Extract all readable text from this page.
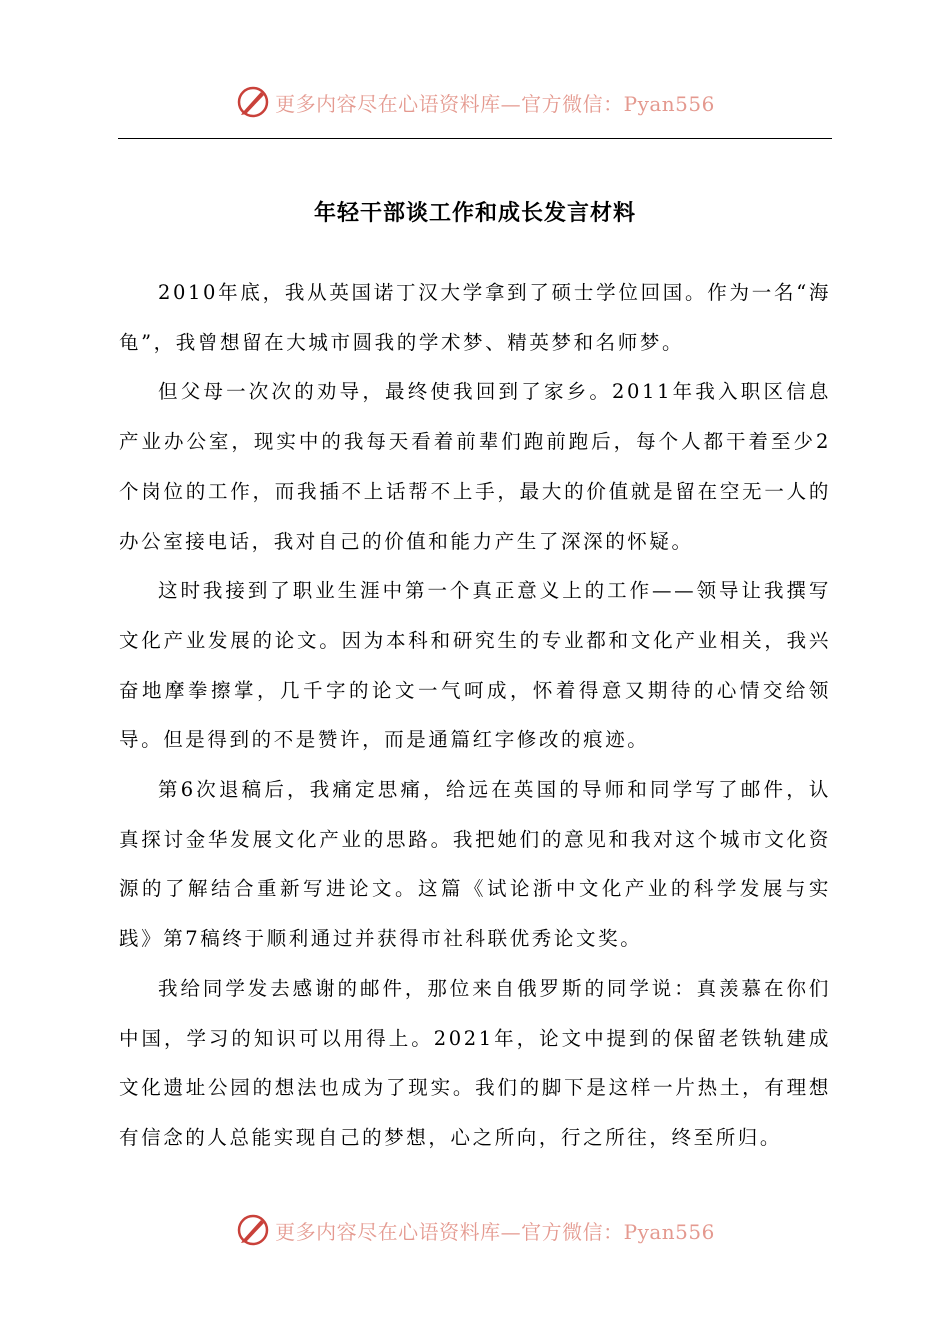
更多内容尽在心语资料库—官方微信：Pyan556
年轻干部谈工作和成长发言材料

2010年底，我从英国诺丁汉大学拿到了硕士学位回国。作为一名“海龟”，我曾想留在大城市圆我的学术梦、精英梦和名师梦。

但父母一次次的劝导，最终使我回到了家乡。2011年我入职区信息产业办公室，现实中的我每天看着前辈们跑前跑后，每个人都干着至少2个岗位的工作，而我插不上话帮不上手，最大的价值就是留在空无一人的办公室接电话，我对自己的价值和能力产生了深深的怀疑。

这时我接到了职业生涯中第一个真正意义上的工作——领导让我撰写文化产业发展的论文。因为本科和研究生的专业都和文化产业相关，我兴奋地摩拳擦掌，几千字的论文一气呵成，怀着得意又期待的心情交给领导。但是得到的不是赞许，而是通篇红字修改的痕迹。

第6次退稿后，我痛定思痛，给远在英国的导师和同学写了邮件，认真探讨金华发展文化产业的思路。我把她们的意见和我对这个城市文化资源的了解结合重新写进论文。这篇《试论浙中文化产业的科学发展与实践》第7稿终于顺利通过并获得市社科联优秀论文奖。

我给同学发去感谢的邮件，那位来自俄罗斯的同学说：真羡慕在你们中国，学习的知识可以用得上。2021年，论文中提到的保留老铁轨建成文化遗址公园的想法也成为了现实。我们的脚下是这样一片热土，有理想有信念的人总能实现自己的梦想，心之所向，行之所往，终至所归。

更多内容尽在心语资料库—官方微信：Pyan556
